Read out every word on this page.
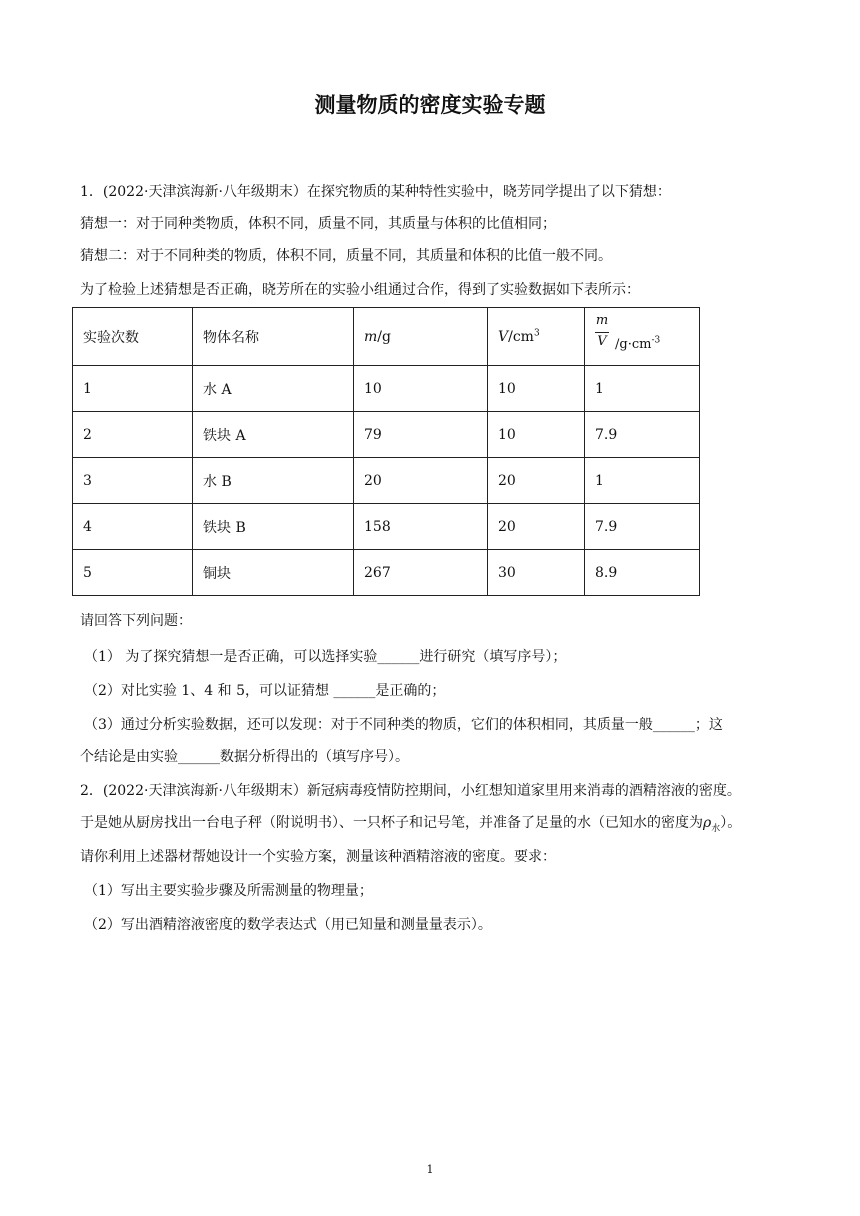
测量物质的密度实验专题
1．(2022·天津滨海新·八年级期末）在探究物质的某种特性实验中，晓芳同学提出了以下猜想：
猜想一：对于同种类物质，体积不同，质量不同，其质量与体积的比值相同；
猜想二：对于不同种类的物质，体积不同，质量不同，其质量和体积的比值一般不同。
为了检验上述猜想是否正确，晓芳所在的实验小组通过合作，得到了实验数据如下表所示：
实验次数	物体名称	m/g	$V/cm^3$	m
V $/g\cdot cm^{-3}$

1	水 A	10	10	1
2	铁块 A	79	10	7.9
3	水 B	20	20	1
4	铁块 B	158	20	7.9
5	铜块	267	30	8.9
请回答下列问题：
（1） 为了探究猜想一是否正确，可以选择实验______进行研究（填写序号）；
（2）对比实验 1、4 和 5，可以证猜想 ______是正确的；
（3）通过分析实验数据，还可以发现：对于不同种类的物质，它们的体积相同，其质量一般______；这
个结论是由实验______数据分析得出的（填写序号）。
2．(2022·天津滨海新·八年级期末）新冠病毒疫情防控期间，小红想知道家里用来消毒的酒精溶液的密度。
于是她从厨房找出一台电子秤（附说明书）、一只杯子和记号笔，并准备了足量的水（已知水的密度为$\rho_水$）。
请你利用上述器材帮她设计一个实验方案，测量该种酒精溶液的密度。要求：
（1）写出主要实验步骤及所需测量的物理量；
（2）写出酒精溶液密度的数学表达式（用已知量和测量量表示）。
1
